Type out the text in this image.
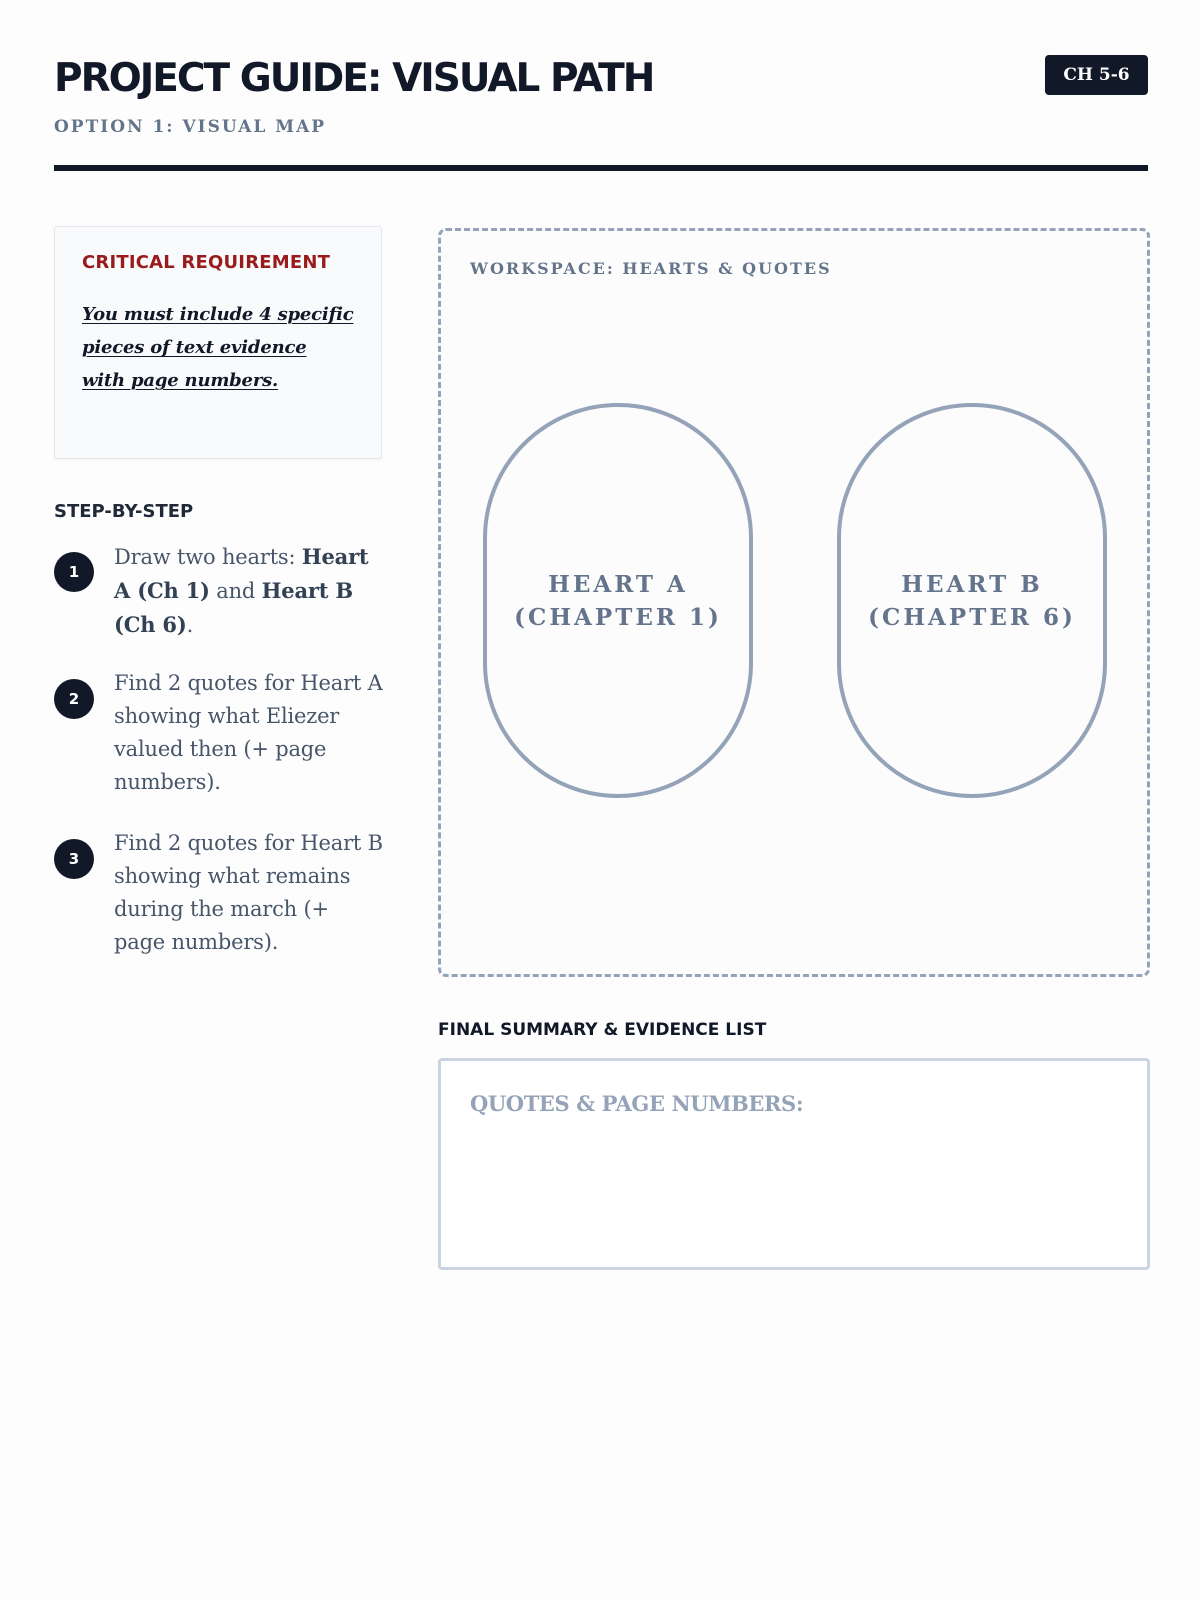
PROJECT GUIDE: VISUAL PATH
OPTION 1: VISUAL MAP
CH 5-6
CRITICAL REQUIREMENT

You must include 4 specific pieces of text evidence with page numbers.

STEP-BY-STEP
1
Draw two hearts: Heart A (Ch 1) and Heart B (Ch 6).
2
Find 2 quotes for Heart A showing what Eliezer valued then (+ page numbers).
3
Find 2 quotes for Heart B showing what remains during the march (+ page numbers).
WORKSPACE: HEARTS & QUOTES
HEART A
(CHAPTER 1)
HEART B
(CHAPTER 6)
FINAL SUMMARY & EVIDENCE LIST
QUOTES & PAGE NUMBERS:
